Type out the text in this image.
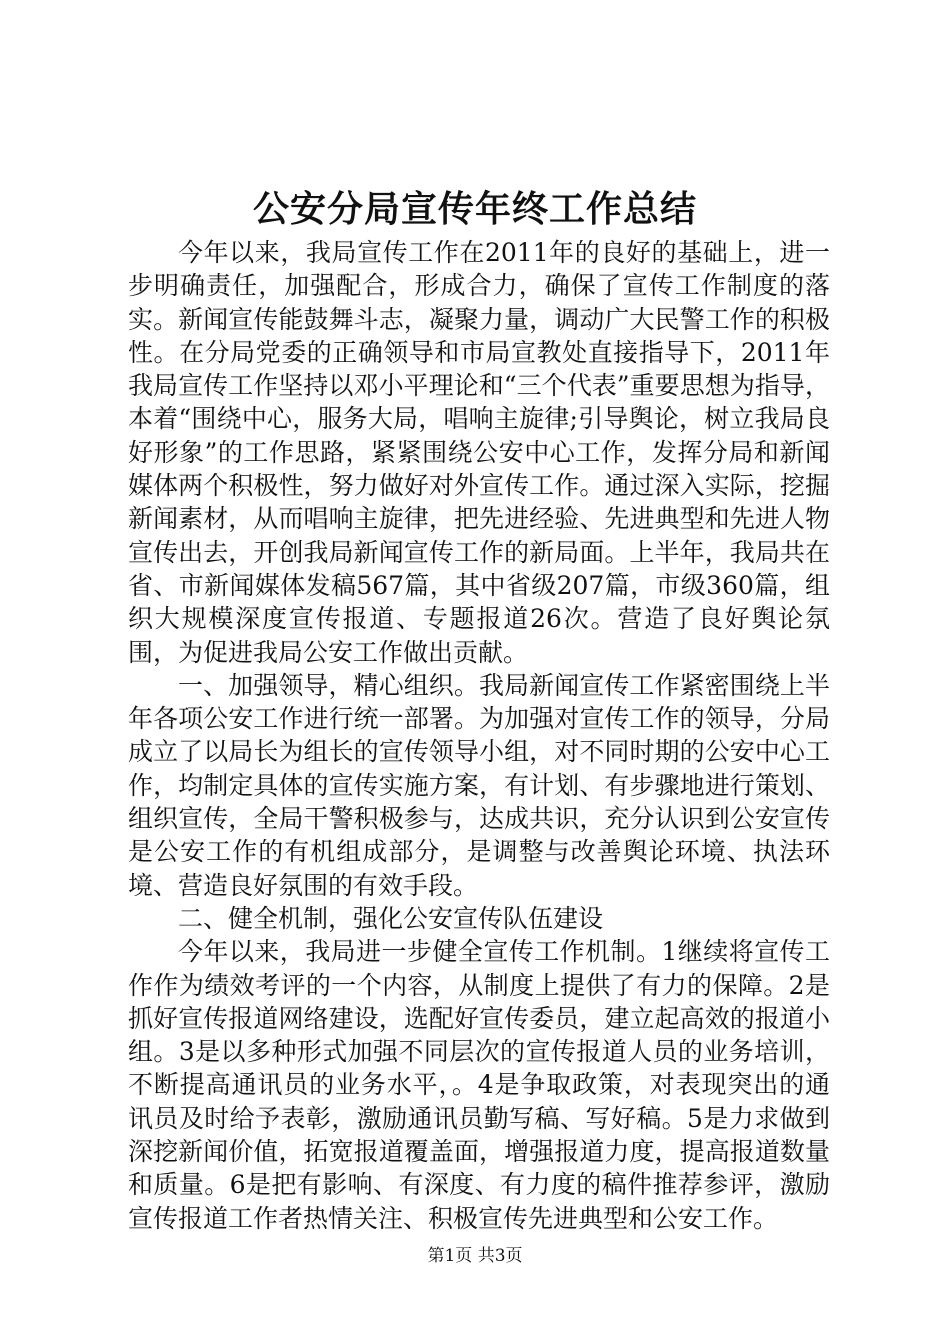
公安分局宣传年终工作总结

今年以来，我局宣传工作在2011年的良好的基础上，进一步明确责任，加强配合，形成合力，确保了宣传工作制度的落实。新闻宣传能鼓舞斗志，凝聚力量，调动广大民警工作的积极性。在分局党委的正确领导和市局宣教处直接指导下，2011年我局宣传工作坚持以邓小平理论和“三个代表”重要思想为指导，本着“围绕中心，服务大局，唱响主旋律;引导舆论，树立我局良好形象”的工作思路，紧紧围绕公安中心工作，发挥分局和新闻媒体两个积极性，努力做好对外宣传工作。通过深入实际，挖掘新闻素材，从而唱响主旋律，把先进经验、先进典型和先进人物宣传出去，开创我局新闻宣传工作的新局面。上半年，我局共在省、市新闻媒体发稿567篇，其中省级207篇，市级360篇，组织大规模深度宣传报道、专题报道26次。营造了良好舆论氛围，为促进我局公安工作做出贡献。

一、加强领导，精心组织。我局新闻宣传工作紧密围绕上半年各项公安工作进行统一部署。为加强对宣传工作的领导，分局成立了以局长为组长的宣传领导小组，对不同时期的公安中心工作，均制定具体的宣传实施方案，有计划、有步骤地进行策划、组织宣传，全局干警积极参与，达成共识，充分认识到公安宣传是公安工作的有机组成部分，是调整与改善舆论环境、执法环境、营造良好氛围的有效手段。

二、健全机制，强化公安宣传队伍建设

今年以来，我局进一步健全宣传工作机制。1继续将宣传工作作为绩效考评的一个内容，从制度上提供了有力的保障。2是抓好宣传报道网络建设，选配好宣传委员，建立起高效的报道小组。3是以多种形式加强不同层次的宣传报道人员的业务培训，不断提高通讯员的业务水平，。4是争取政策，对表现突出的通讯员及时给予表彰，激励通讯员勤写稿、写好稿。5是力求做到深挖新闻价值，拓宽报道覆盖面，增强报道力度，提高报道数量和质量。6是把有影响、有深度、有力度的稿件推荐参评，激励宣传报道工作者热情关注、积极宣传先进典型和公安工作。

第1页 共3页
